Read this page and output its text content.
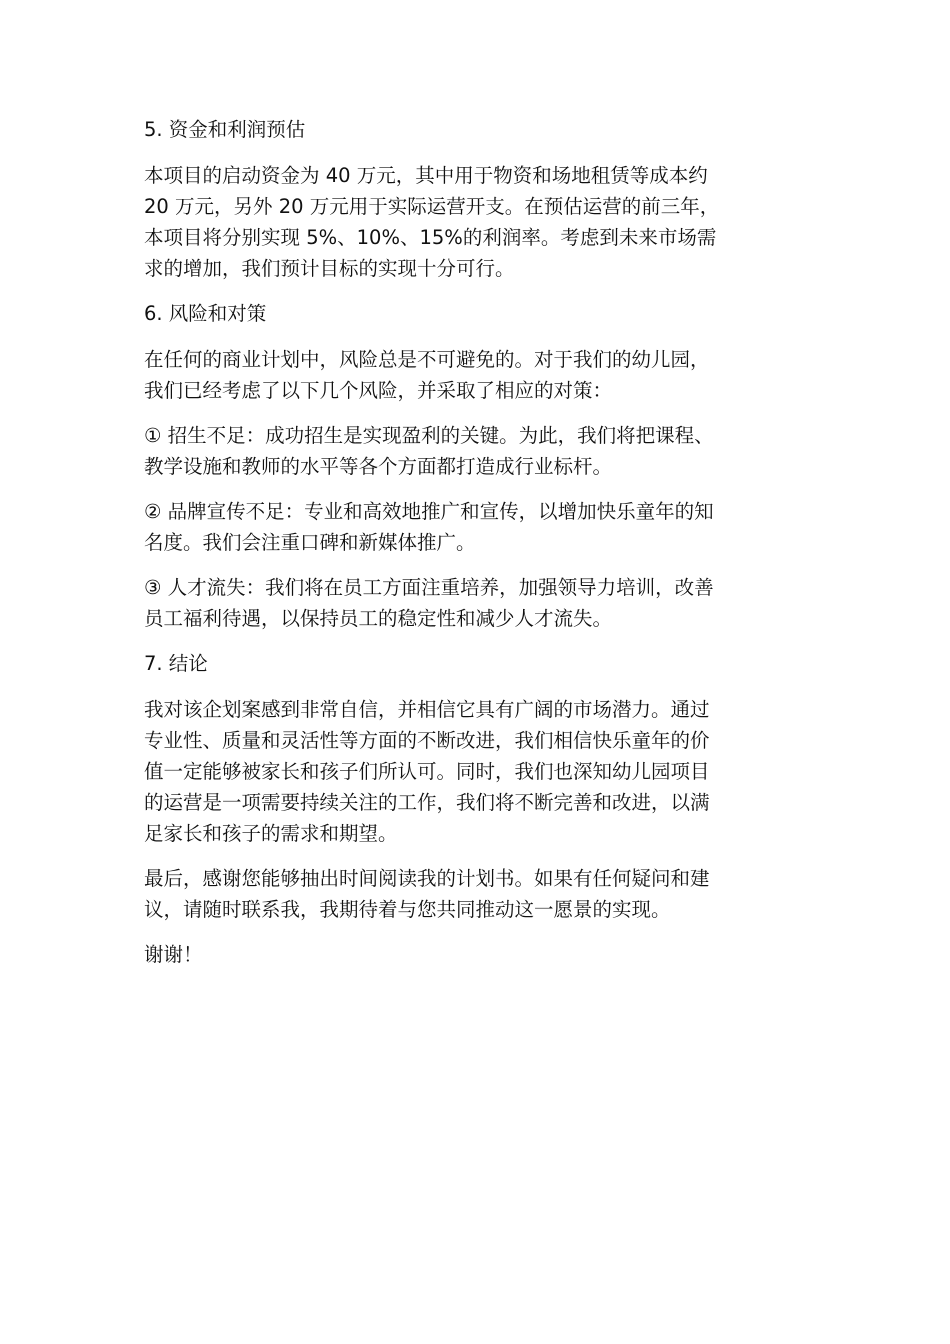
5. 资金和利润预估
本项目的启动资金为 40 万元，其中用于物资和场地租赁等成本约
20 万元，另外 20 万元用于实际运营开支。在预估运营的前三年，
本项目将分别实现 5%、10%、15%的利润率。考虑到未来市场需
求的增加，我们预计目标的实现十分可行。
6. 风险和对策
在任何的商业计划中，风险总是不可避免的。对于我们的幼儿园，
我们已经考虑了以下几个风险，并采取了相应的对策：
① 招生不足：成功招生是实现盈利的关键。为此，我们将把课程、
教学设施和教师的水平等各个方面都打造成行业标杆。
② 品牌宣传不足：专业和高效地推广和宣传，以增加快乐童年的知
名度。我们会注重口碑和新媒体推广。
③ 人才流失：我们将在员工方面注重培养，加强领导力培训，改善
员工福利待遇，以保持员工的稳定性和减少人才流失。
7. 结论
我对该企划案感到非常自信，并相信它具有广阔的市场潜力。通过
专业性、质量和灵活性等方面的不断改进，我们相信快乐童年的价
值一定能够被家长和孩子们所认可。同时，我们也深知幼儿园项目
的运营是一项需要持续关注的工作，我们将不断完善和改进，以满
足家长和孩子的需求和期望。
最后，感谢您能够抽出时间阅读我的计划书。如果有任何疑问和建
议，请随时联系我，我期待着与您共同推动这一愿景的实现。
谢谢！
